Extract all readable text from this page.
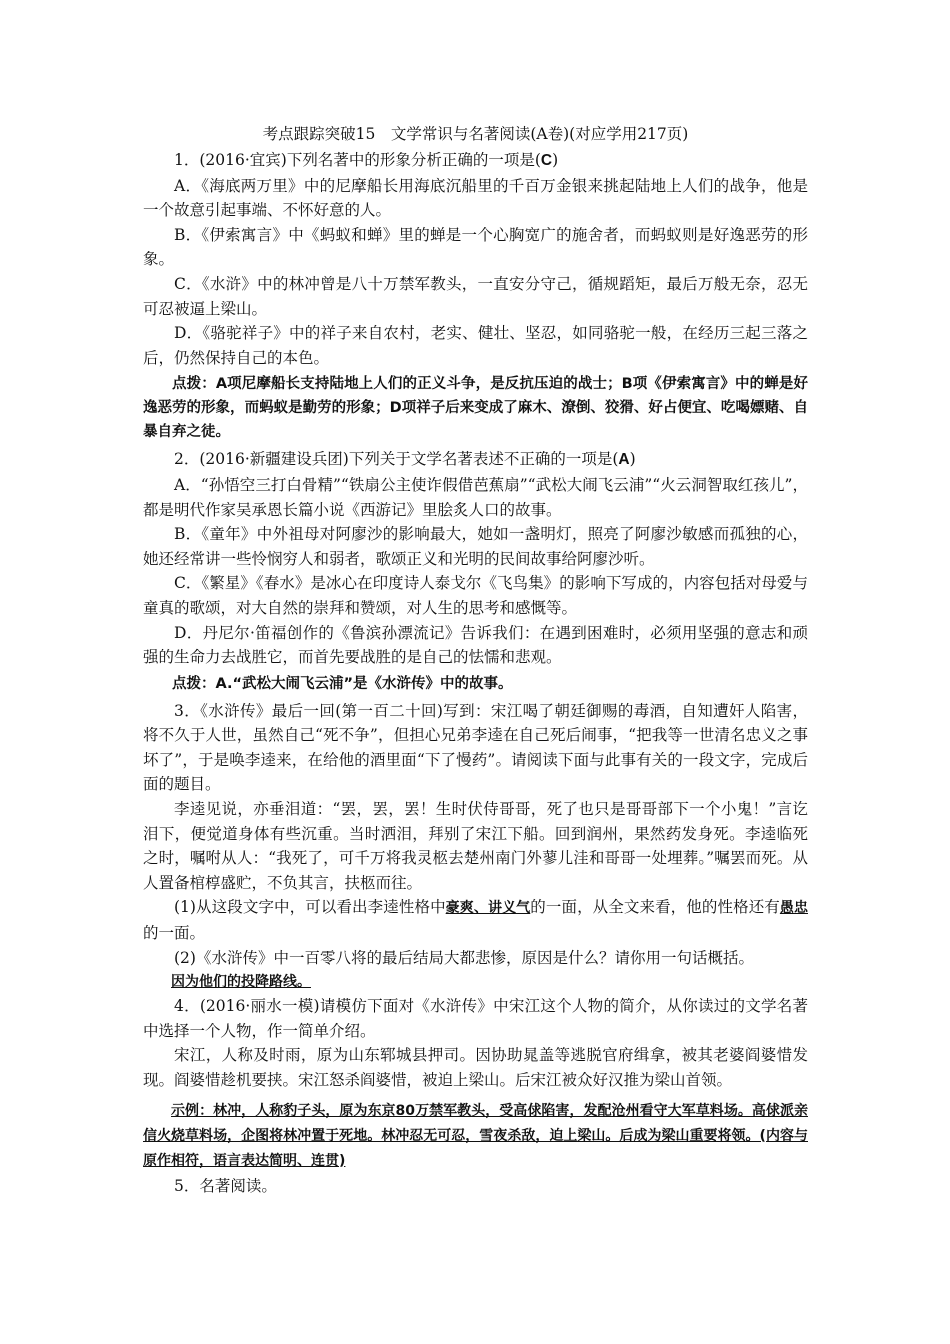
考点跟踪突破15　文学常识与名著阅读(A卷)(对应学用217页)

1．(2016·宜宾)下列名著中的形象分析正确的一项是(C)

A．《海底两万里》中的尼摩船长用海底沉船里的千百万金银来挑起陆地上人们的战争，他是一个故意引起事端、不怀好意的人。

B．《伊索寓言》中《蚂蚁和蝉》里的蝉是一个心胸宽广的施舍者，而蚂蚁则是好逸恶劳的形象。

C．《水浒》中的林冲曾是八十万禁军教头，一直安分守己，循规蹈矩，最后万般无奈，忍无可忍被逼上梁山。

D．《骆驼祥子》中的祥子来自农村，老实、健壮、坚忍，如同骆驼一般，在经历三起三落之后，仍然保持自己的本色。

点拨：A项尼摩船长支持陆地上人们的正义斗争，是反抗压迫的战士；B项《伊索寓言》中的蝉是好逸恶劳的形象，而蚂蚁是勤劳的形象；D项祥子后来变成了麻木、潦倒、狡猾、好占便宜、吃喝嫖赌、自暴自弃之徒。

2．(2016·新疆建设兵团)下列关于文学名著表述不正确的一项是(A)

A．“孙悟空三打白骨精”“铁扇公主使诈假借芭蕉扇”“武松大闹飞云浦”“火云洞智取红孩儿”，都是明代作家吴承恩长篇小说《西游记》里脍炙人口的故事。

B．《童年》中外祖母对阿廖沙的影响最大，她如一盏明灯，照亮了阿廖沙敏感而孤独的心，她还经常讲一些怜悯穷人和弱者，歌颂正义和光明的民间故事给阿廖沙听。

C．《繁星》《春水》是冰心在印度诗人泰戈尔《飞鸟集》的影响下写成的，内容包括对母爱与童真的歌颂，对大自然的崇拜和赞颂，对人生的思考和感慨等。

D．丹尼尔·笛福创作的《鲁滨孙漂流记》告诉我们：在遇到困难时，必须用坚强的意志和顽强的生命力去战胜它，而首先要战胜的是自己的怯懦和悲观。

点拨：A.“武松大闹飞云浦”是《水浒传》中的故事。

3．《水浒传》最后一回(第一百二十回)写到：宋江喝了朝廷御赐的毒酒，自知遭奸人陷害，将不久于人世，虽然自己“死不争”，但担心兄弟李逵在自己死后闹事，“把我等一世清名忠义之事坏了”，于是唤李逵来，在给他的酒里面“下了慢药”。请阅读下面与此事有关的一段文字，完成后面的题目。

李逵见说，亦垂泪道：“罢，罢，罢！生时伏侍哥哥，死了也只是哥哥部下一个小鬼！”言讫泪下，便觉道身体有些沉重。当时洒泪，拜别了宋江下船。回到润州，果然药发身死。李逵临死之时，嘱咐从人：“我死了，可千万将我灵柩去楚州南门外蓼儿洼和哥哥一处埋葬。”嘱罢而死。从人置备棺椁盛贮，不负其言，扶柩而往。

(1)从这段文字中，可以看出李逵性格中豪爽、讲义气的一面，从全文来看，他的性格还有愚忠的一面。

(2)《水浒传》中一百零八将的最后结局大都悲惨，原因是什么？请你用一句话概括。

因为他们的投降路线。

4．(2016·丽水一模)请模仿下面对《水浒传》中宋江这个人物的简介，从你读过的文学名著中选择一个人物，作一简单介绍。

宋江，人称及时雨，原为山东郓城县押司。因协助晁盖等逃脱官府缉拿，被其老婆阎婆惜发现。阎婆惜趁机要挟。宋江怒杀阎婆惜，被迫上梁山。后宋江被众好汉推为梁山首领。

示例：林冲，人称豹子头，原为东京80万禁军教头，受高俅陷害，发配沧州看守大军草料场。高俅派亲信火烧草料场，企图将林冲置于死地。林冲忍无可忍，雪夜杀敌，迫上梁山。后成为梁山重要将领。(内容与原作相符，语言表达简明、连贯)

5．名著阅读。
